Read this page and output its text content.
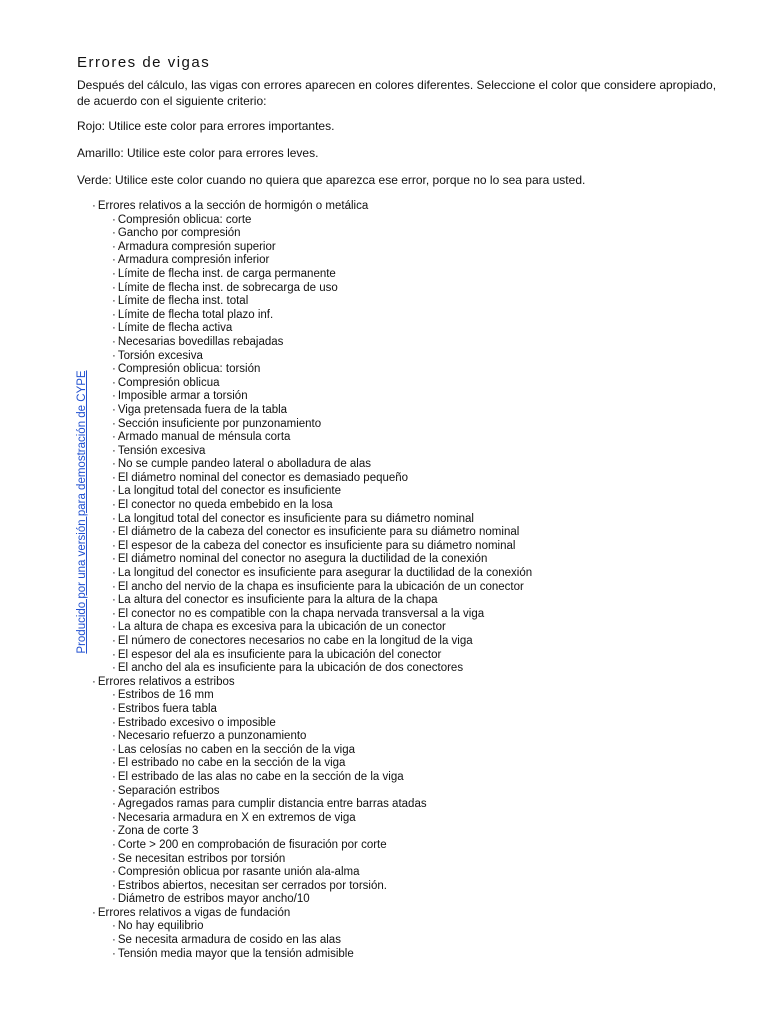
Errores de vigas

Después del cálculo, las vigas con errores aparecen en colores diferentes. Seleccione el color que considere apropiado, de acuerdo con el siguiente criterio:

Rojo: Utilice este color para errores importantes.

Amarillo: Utilice este color para errores leves.

Verde: Utilice este color cuando no quiera que aparezca ese error, porque no lo sea para usted.

· Errores relativos a la sección de hormigón o metálica
· Compresión oblicua: corte
· Gancho por compresión
· Armadura compresión superior
· Armadura compresión inferior
· Límite de flecha inst. de carga permanente
· Límite de flecha inst. de sobrecarga de uso
· Límite de flecha inst. total
· Límite de flecha total plazo inf.
· Límite de flecha activa
· Necesarias bovedillas rebajadas
· Torsión excesiva
· Compresión oblicua: torsión
· Compresión oblicua
· Imposible armar a torsión
· Viga pretensada fuera de la tabla
· Sección insuficiente por punzonamiento
· Armado manual de ménsula corta
· Tensión excesiva
· No se cumple pandeo lateral o abolladura de alas
· El diámetro nominal del conector es demasiado pequeño
· La longitud total del conector es insuficiente
· El conector no queda embebido en la losa
· La longitud total del conector es insuficiente para su diámetro nominal
· El diámetro de la cabeza del conector es insuficiente para su diámetro nominal
· El espesor de la cabeza del conector es insuficiente para su diámetro nominal
· El diámetro nominal del conector no asegura la ductilidad de la conexión
· La longitud del conector es insuficiente para asegurar la ductilidad de la conexión
· El ancho del nervio de la chapa es insuficiente para la ubicación de un conector
· La altura del conector es insuficiente para la altura de la chapa
· El conector no es compatible con la chapa nervada transversal a la viga
· La altura de chapa es excesiva para la ubicación de un conector
· El número de conectores necesarios no cabe en la longitud de la viga
· El espesor del ala es insuficiente para la ubicación del conector
· El ancho del ala es insuficiente para la ubicación de dos conectores
· Errores relativos a estribos
· Estribos de 16 mm
· Estribos fuera tabla
· Estribado excesivo o imposible
· Necesario refuerzo a punzonamiento
· Las celosías no caben en la sección de la viga
· El estribado no cabe en la sección de la viga
· El estribado de las alas no cabe en la sección de la viga
· Separación estribos
· Agregados ramas para cumplir distancia entre barras atadas
· Necesaria armadura en X en extremos de viga
· Zona de corte 3
· Corte > 200 en comprobación de fisuración por corte
· Se necesitan estribos por torsión
· Compresión oblicua por rasante unión ala-alma
· Estribos abiertos, necesitan ser cerrados por torsión.
· Diámetro de estribos mayor ancho/10
· Errores relativos a vigas de fundación
· No hay equilibrio
· Se necesita armadura de cosido en las alas
· Tensión media mayor que la tensión admisible
Producido por una versión para demostración de CYPE
